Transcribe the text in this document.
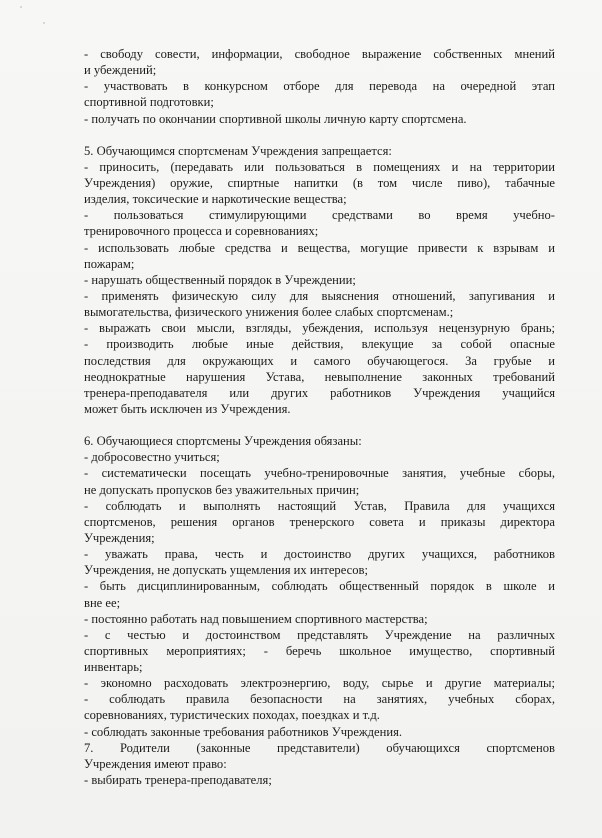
- свободу совести, информации, свободное выражение собственных мнений
и убеждений;
- участвовать в конкурсном отборе для перевода на очередной этап
спортивной подготовки;
- получать по окончании спортивной школы личную карту спортсмена.
5. Обучающимся спортсменам Учреждения запрещается:
- приносить, (передавать или пользоваться в помещениях и на территории
Учреждения) оружие, спиртные напитки (в том числе пиво), табачные
изделия, токсические и наркотические вещества;
- пользоваться стимулирующими средствами во время учебно-
тренировочного процесса и соревнованиях;
- использовать любые средства и вещества, могущие привести к взрывам и
пожарам;
- нарушать общественный порядок в Учреждении;
- применять физическую силу для выяснения отношений, запугивания и
вымогательства, физического унижения более слабых спортсменам.;
- выражать свои мысли, взгляды, убеждения, используя нецензурную брань;
- производить любые иные действия, влекущие за собой опасные
последствия для окружающих и самого обучающегося. За грубые и
неоднократные нарушения Устава, невыполнение законных требований
тренера-преподавателя или других работников Учреждения учащийся
может быть исключен из Учреждения.
6. Обучающиеся спортсмены Учреждения обязаны:
- добросовестно учиться;
- систематически посещать учебно-тренировочные занятия, учебные сборы,
не допускать пропусков без уважительных причин;
- соблюдать и выполнять настоящий Устав, Правила для учащихся
спортсменов, решения органов тренерского совета и приказы директора
Учреждения;
- уважать права, честь и достоинство других учащихся, работников
Учреждения, не допускать ущемления их интересов;
- быть дисциплинированным, соблюдать общественный порядок в школе и
вне ее;
- постоянно работать над повышением спортивного мастерства;
- с честью и достоинством представлять Учреждение на различных
спортивных мероприятиях; - беречь школьное имущество, спортивный
инвентарь;
- экономно расходовать электроэнергию, воду, сырье и другие материалы;
- соблюдать правила безопасности на занятиях, учебных сборах,
соревнованиях, туристических походах, поездках и т.д.
- соблюдать законные требования работников Учреждения.
7. Родители (законные представители) обучающихся спортсменов
Учреждения имеют право:
- выбирать тренера-преподавателя;
